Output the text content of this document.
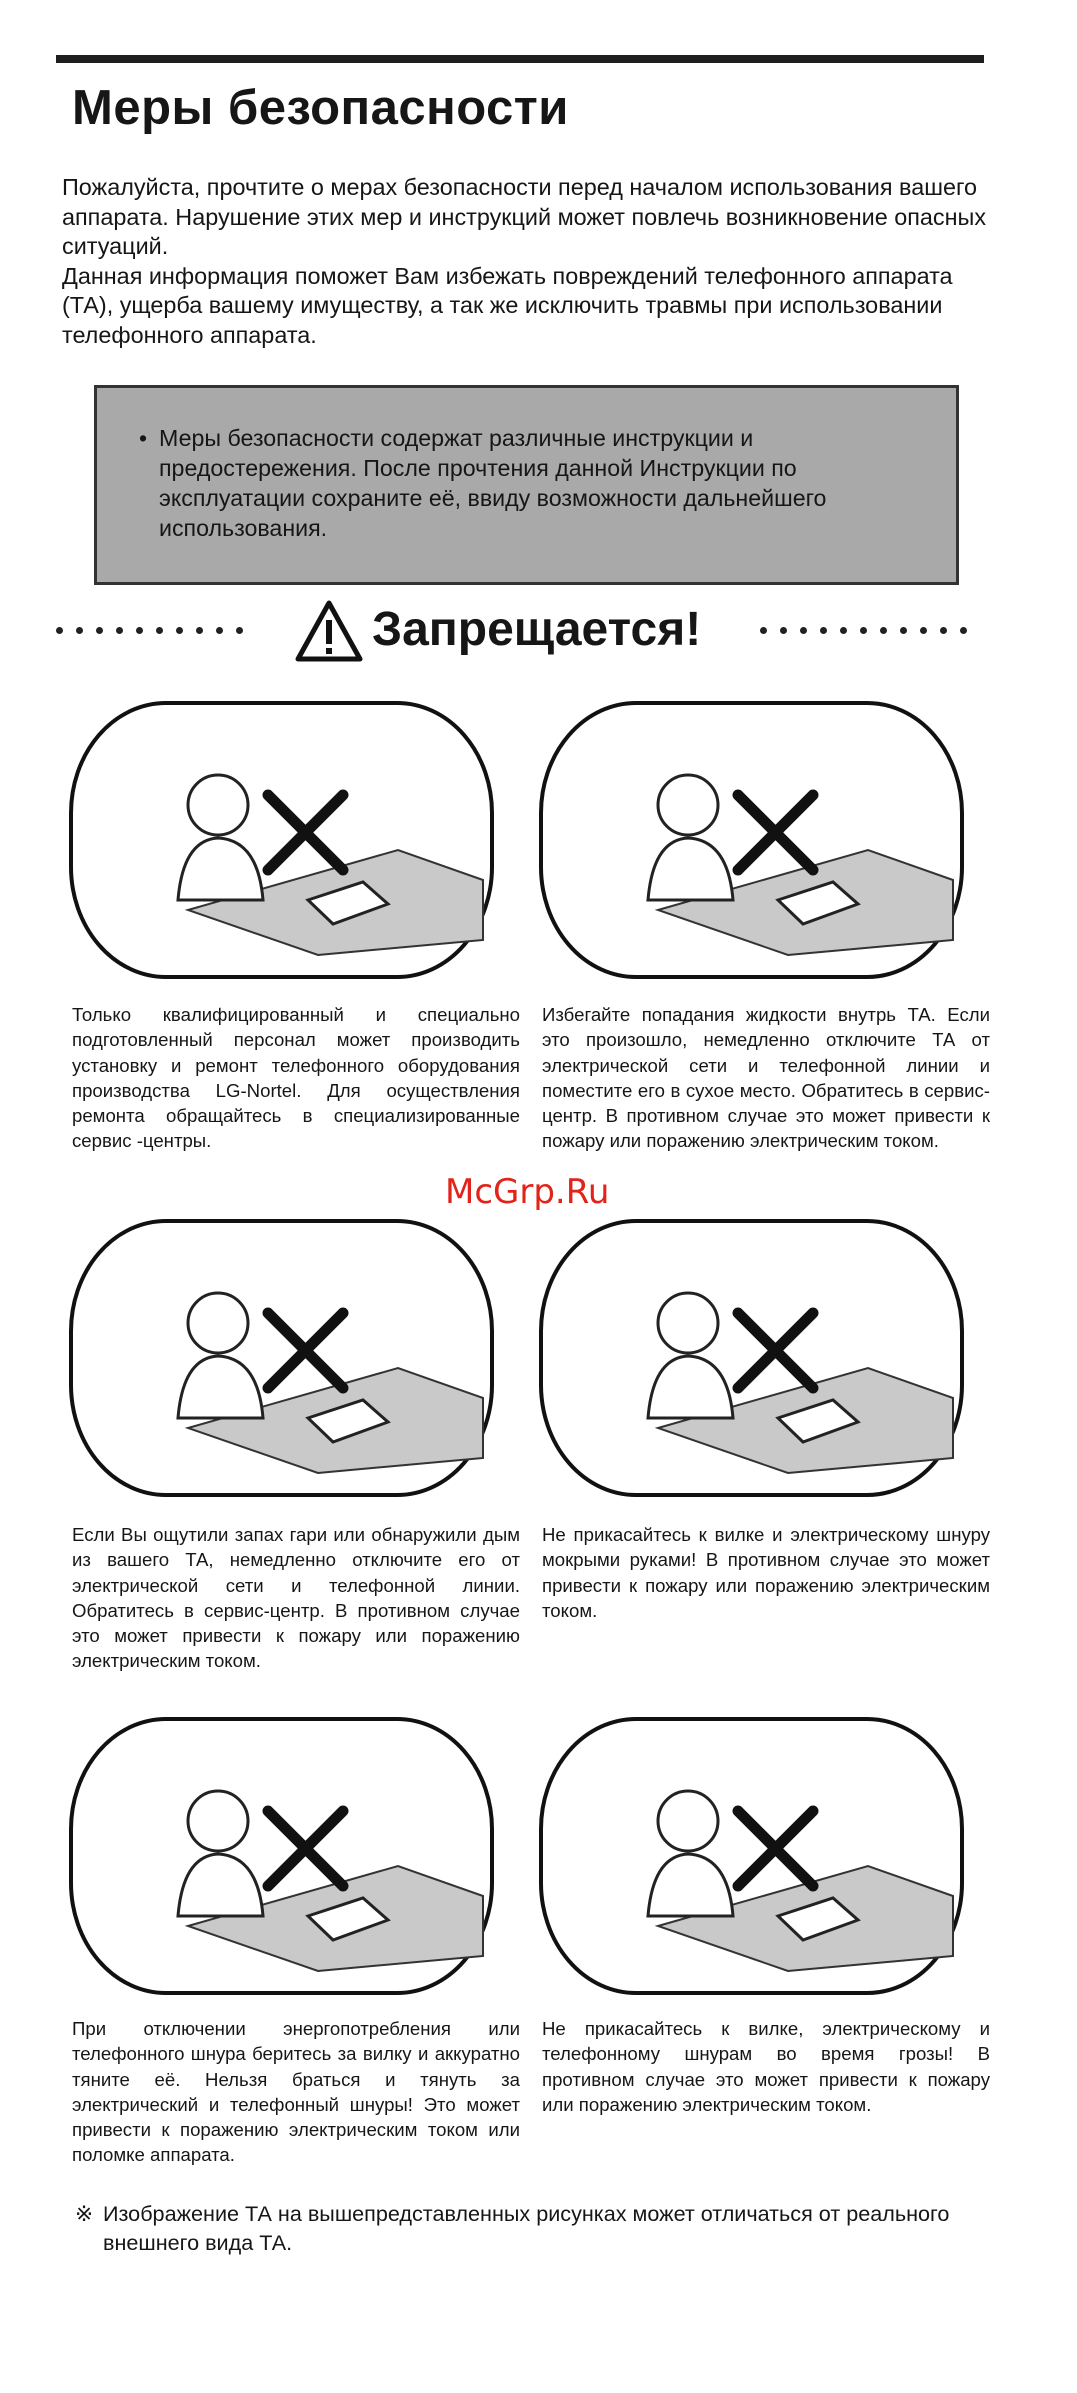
Меры безопасности

Пожалуйста, прочтите о мерах безопасности перед началом использования вашего аппарата. Нарушение этих мер и инструкций может повлечь возникновение опасных ситуаций.

Данная информация поможет Вам избежать повреждений телефонного аппарата (ТА), ущерба вашему имуществу, а так же исключить травмы при использовании телефонного аппарата.

• Меры безопасности содержат различные инструкции и предостережения. После прочтения данной Инструкции по эксплуатации сохраните её, ввиду возможности дальнейшего использования.
Запрещается!
Только квалифицированный и специально подготовленный персонал может производить установку и ремонт телефонного оборудования производства LG-Nortel. Для осуществления ремонта обращайтесь в специализированные сервис -центры.
Избегайте попадания жидкости внутрь ТА. Если это произошло, немедленно отключите ТА от электрической сети и телефонной линии и поместите его в сухое место. Обратитесь в сервис-центр. В противном случае это может привести к пожару или поражению электрическим током.
Если Вы ощутили запах гари или обнаружили дым из вашего ТА, немедленно отключите его от электрической сети и телефонной линии. Обратитесь в сервис-центр. В противном случае это может привести к пожару или поражению электрическим током.
Не прикасайтесь к вилке и электрическому шнуру мокрыми руками! В противном случае это может привести к пожару или поражению электрическим током.
При отключении энергопотребления или телефонного шнура беритесь за вилку и аккуратно тяните её. Нельзя браться и тянуть за электрический и телефонный шнуры! Это может привести к поражению электрическим током или поломке аппарата.
Не прикасайтесь к вилке, электрическому и телефонному шнурам во время грозы! В противном случае это может привести к пожару или поражению электрическим током.
※ Изображение ТА на вышепредставленных рисунках может отличаться от реального внешнего вида ТА.
McGrp.Ru
